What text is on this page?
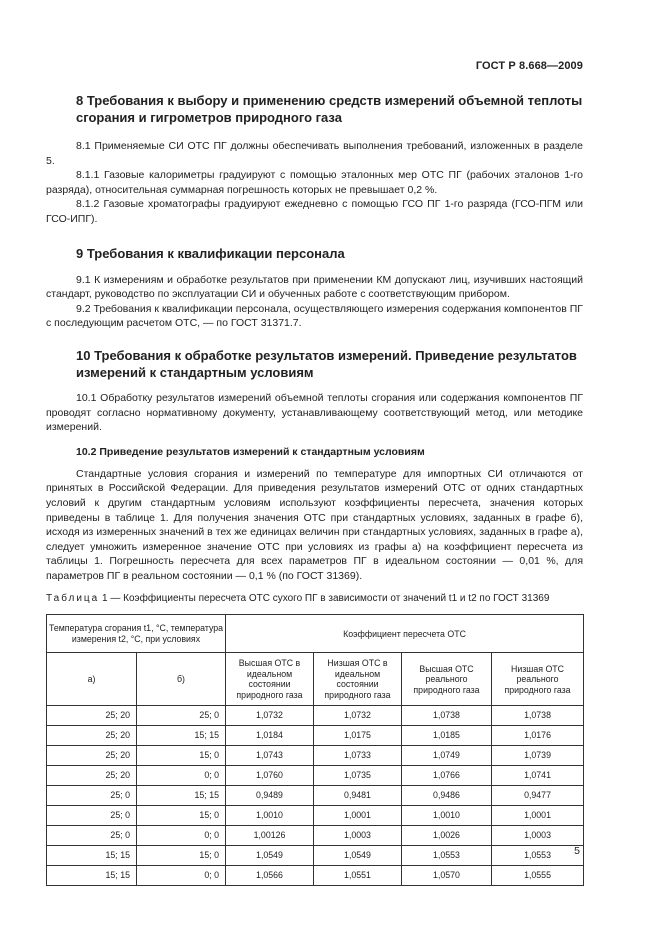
ГОСТ Р 8.668—2009
8 Требования к выбору и применению средств измерений объемной теплоты сгорания и гигрометров природного газа

8.1 Применяемые СИ ОТС ПГ должны обеспечивать выполнения требований, изложенных в разделе 5.

8.1.1 Газовые калориметры градуируют с помощью эталонных мер ОТС ПГ (рабочих эталонов 1-го разряда), относительная суммарная погрешность которых не превышает 0,2 %.

8.1.2 Газовые хроматографы градуируют ежедневно с помощью ГСО ПГ 1-го разряда (ГСО-ПГМ или ГСО-ИПГ).

9 Требования к квалификации персонала

9.1 К измерениям и обработке результатов при применении КМ допускают лиц, изучивших настоящий стандарт, руководство по эксплуатации СИ и обученных работе с соответствующим прибором.

9.2 Требования к квалификации персонала, осуществляющего измерения содержания компонентов ПГ с последующим расчетом ОТС, — по ГОСТ 31371.7.

10 Требования к обработке результатов измерений. Приведение результатов измерений к стандартным условиям

10.1 Обработку результатов измерений объемной теплоты сгорания или содержания компонентов ПГ проводят согласно нормативному документу, устанавливающему соответствующий метод, или методике измерений.

10.2 Приведение результатов измерений к стандартным условиям

Стандартные условия сгорания и измерений по температуре для импортных СИ отличаются от принятых в Российской Федерации. Для приведения результатов измерений ОТС от одних стандартных условий к другим стандартным условиям используют коэффициенты пересчета, значения которых приведены в таблице 1. Для получения значения ОТС при стандартных условиях, заданных в графе б), исходя из измеренных значений в тех же единицах величин при стандартных условиях, заданных в графе а), следует умножить измеренное значение ОТС при условиях из графы а) на коэффициент пересчета из таблицы 1. Погрешность пересчета для всех параметров ПГ в идеальном состоянии — 0,01 %, для параметров ПГ в реальном состоянии — 0,1 % (по ГОСТ 31369).

Таблица 1 — Коэффициенты пересчета ОТС сухого ПГ в зависимости от значений t1 и t2 по ГОСТ 31369

Температура сгорания t1, °C, температура измерения t2, °C, при условиях		Коэффициент пересчета ОТС			
а)	б)	Высшая ОТС в идеальном состоянии природного газа	Низшая ОТС в идеальном состоянии природного газа	Высшая ОТС реального природного газа	Низшая ОТС реального природного газа
25; 20	25; 0	1,0732	1,0732	1,0738	1,0738
25; 20	15; 15	1,0184	1,0175	1,0185	1,0176
25; 20	15; 0	1,0743	1,0733	1,0749	1,0739
25; 20	0; 0	1,0760	1,0735	1,0766	1,0741
25; 0	15; 15	0,9489	0,9481	0,9486	0,9477
25; 0	15; 0	1,0010	1,0001	1,0010	1,0001
25; 0	0; 0	1,00126	1,0003	1,0026	1,0003
15; 15	15; 0	1,0549	1,0549	1,0553	1,0553
15; 15	0; 0	1,0566	1,0551	1,0570	1,0555
5
